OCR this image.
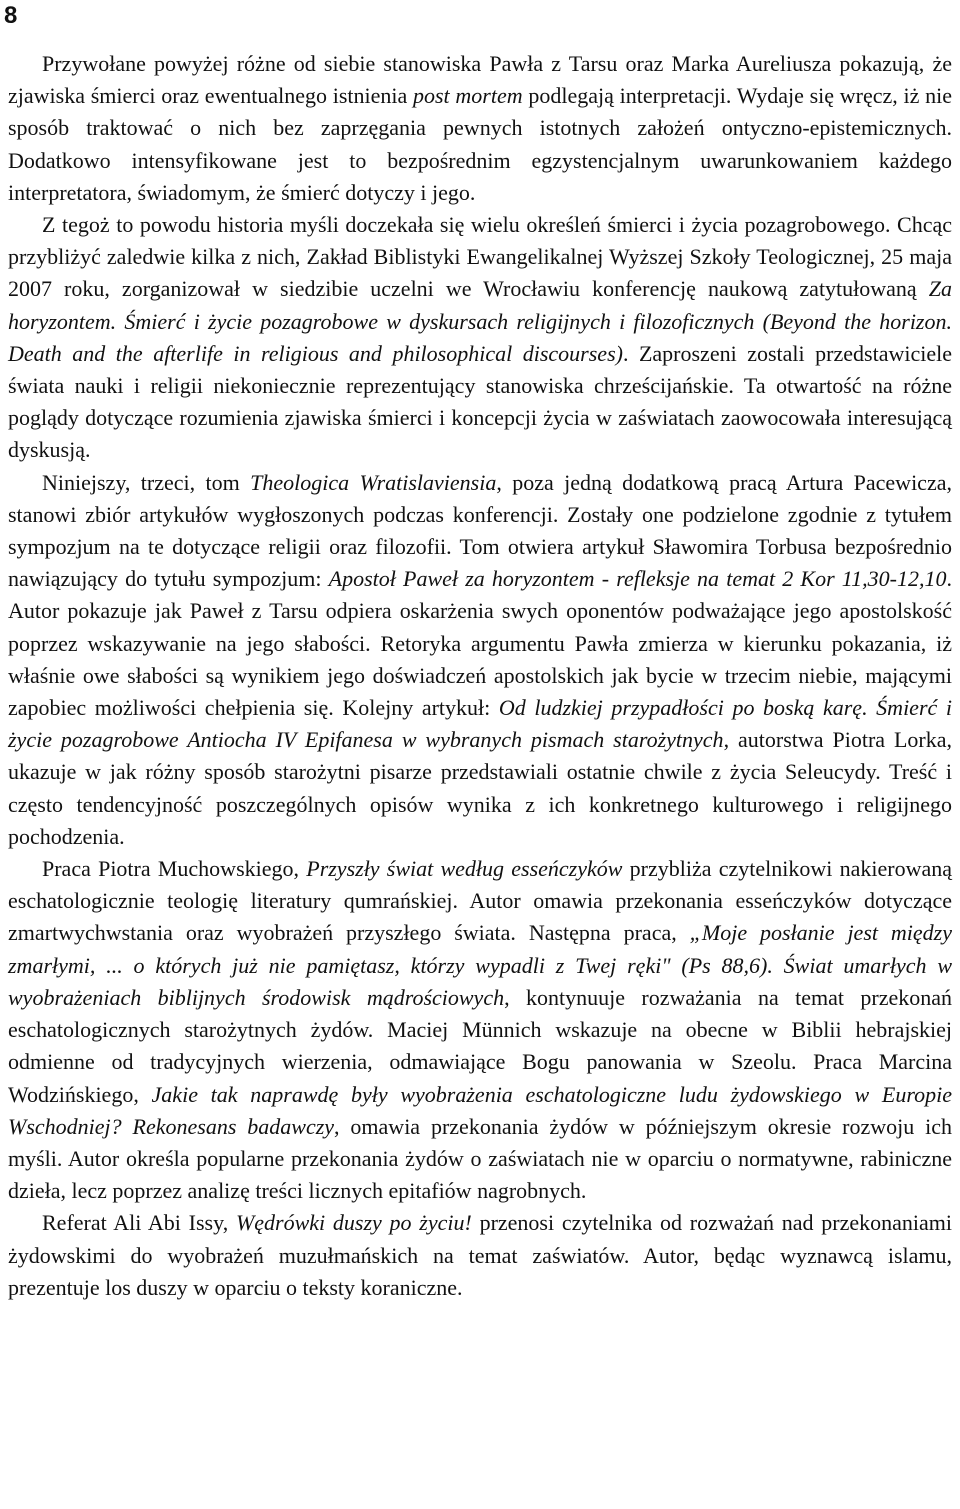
8

Przywołane powyżej różne od siebie stanowiska Pawła z Tarsu oraz Marka Aureliusza pokazują, że zjawiska śmierci oraz ewentualnego istnienia post mortem podlegają interpretacji. Wydaje się wręcz, iż nie sposób traktować o nich bez zaprzęgania pewnych istotnych założeń ontyczno-epistemicznych. Dodatkowo intensyfikowane jest to bezpośrednim egzystencjalnym uwarunkowaniem każdego interpretatora, świadomym, że śmierć dotyczy i jego.

Z tegoż to powodu historia myśli doczekała się wielu określeń śmierci i życia pozagrobowego. Chcąc przybliżyć zaledwie kilka z nich, Zakład Biblistyki Ewangelikalnej Wyższej Szkoły Teologicznej, 25 maja 2007 roku, zorganizował w siedzibie uczelni we Wrocławiu konferencję naukową zatytułowaną Za horyzontem. Śmierć i życie pozagrobowe w dyskursach religijnych i filozoficznych (Beyond the horizon. Death and the afterlife in religious and philosophical discourses). Zaproszeni zostali przedstawiciele świata nauki i religii niekoniecznie reprezentujący stanowiska chrześcijańskie. Ta otwartość na różne poglądy dotyczące rozumienia zjawiska śmierci i koncepcji życia w zaświatach zaowocowała interesującą dyskusją.

Niniejszy, trzeci, tom Theologica Wratislaviensia, poza jedną dodatkową pracą Artura Pacewicza, stanowi zbiór artykułów wygłoszonych podczas konferencji. Zostały one podzielone zgodnie z tytułem sympozjum na te dotyczące religii oraz filozofii. Tom otwiera artykuł Sławomira Torbusa bezpośrednio nawiązujący do tytułu sympozjum: Apostoł Paweł za horyzontem - refleksje na temat 2 Kor 11,30-12,10. Autor pokazuje jak Paweł z Tarsu odpiera oskarżenia swych oponentów podważające jego apostolskość poprzez wskazywanie na jego słabości. Retoryka argumentu Pawła zmierza w kierunku pokazania, iż właśnie owe słabości są wynikiem jego doświadczeń apostolskich jak bycie w trzecim niebie, mającymi zapobiec możliwości chełpienia się. Kolejny artykuł: Od ludzkiej przypadłości po boską karę. Śmierć i życie pozagrobowe Antiocha IV Epifanesa w wybranych pismach starożytnych, autorstwa Piotra Lorka, ukazuje w jak różny sposób starożytni pisarze przedstawiali ostatnie chwile z życia Seleucydy. Treść i często tendencyjność poszczególnych opisów wynika z ich konkretnego kulturowego i religijnego pochodzenia.

Praca Piotra Muchowskiego, Przyszły świat według esseńczyków przybliża czytelnikowi nakierowaną eschatologicznie teologię literatury qumrańskiej. Autor omawia przekonania esseńczyków dotyczące zmartwychwstania oraz wyobrażeń przyszłego świata. Następna praca, „Moje posłanie jest między zmarłymi, ... o których już nie pamiętasz, którzy wypadli z Twej ręki" (Ps 88,6). Świat umarłych w wyobrażeniach biblijnych środowisk mądrościowych, kontynuuje rozważania na temat przekonań eschatologicznych starożytnych żydów. Maciej Münnich wskazuje na obecne w Biblii hebrajskiej odmienne od tradycyjnych wierzenia, odmawiające Bogu panowania w Szeolu. Praca Marcina Wodzińskiego, Jakie tak naprawdę były wyobrażenia eschatologiczne ludu żydowskiego w Europie Wschodniej? Rekonesans badawczy, omawia przekonania żydów w późniejszym okresie rozwoju ich myśli. Autor określa popularne przekonania żydów o zaświatach nie w oparciu o normatywne, rabiniczne dzieła, lecz poprzez analizę treści licznych epitafiów nagrobnych.

Referat Ali Abi Issy, Wędrówki duszy po życiu! przenosi czytelnika od rozważań nad przekonaniami żydowskimi do wyobrażeń muzułmańskich na temat zaświatów. Autor, będąc wyznawcą islamu, prezentuje los duszy w oparciu o teksty koraniczne.
